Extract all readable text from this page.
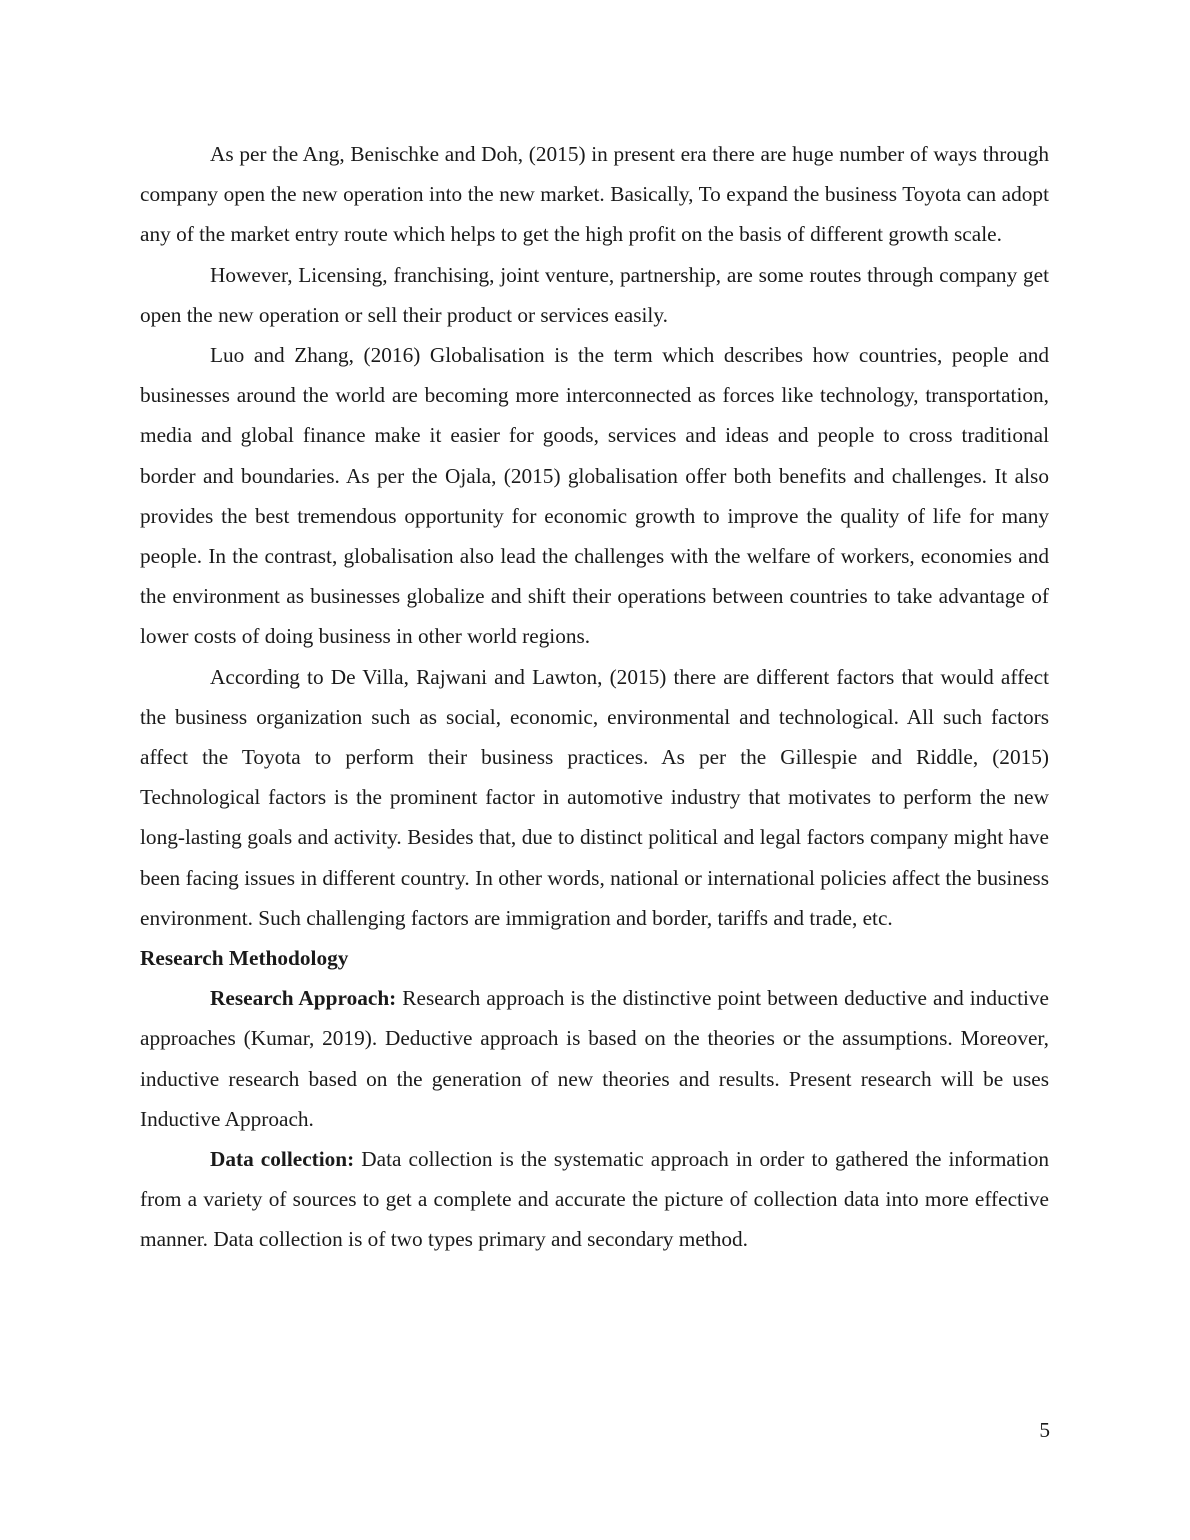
As per the Ang, Benischke and Doh, (2015) in present era there are huge number of ways through company open the new operation into the new market. Basically, To expand the business Toyota can adopt any of the market entry route which helps to get the high profit on the basis of different growth scale.

However, Licensing, franchising, joint venture, partnership, are some routes through company get open the new operation or sell their product or services easily.

Luo and Zhang, (2016) Globalisation is the term which describes how countries, people and businesses around the world are becoming more interconnected as forces like technology, transportation, media and global finance make it easier for goods, services and ideas and people to cross traditional border and boundaries. As per the Ojala, (2015) globalisation offer both benefits and challenges. It also provides the best tremendous opportunity for economic growth to improve the quality of life for many people. In the contrast, globalisation also lead the challenges with the welfare of workers, economies and the environment as businesses globalize and shift their operations between countries to take advantage of lower costs of doing business in other world regions.

According to De Villa, Rajwani and Lawton, (2015) there are different factors that would affect the business organization such as social, economic, environmental and technological. All such factors affect the Toyota to perform their business practices. As per the Gillespie and Riddle, (2015) Technological factors is the prominent factor in automotive industry that motivates to perform the new long-lasting goals and activity. Besides that, due to distinct political and legal factors company might have been facing issues in different country. In other words, national or international policies affect the business environment. Such challenging factors are immigration and border, tariffs and trade, etc.

Research Methodology

Research Approach: Research approach is the distinctive point between deductive and inductive approaches (Kumar, 2019). Deductive approach is based on the theories or the assumptions. Moreover, inductive research based on the generation of new theories and results. Present research will be uses Inductive Approach.

Data collection: Data collection is the systematic approach in order to gathered the information from a variety of sources to get a complete and accurate the picture of collection data into more effective manner. Data collection is of two types primary and secondary method.

5
